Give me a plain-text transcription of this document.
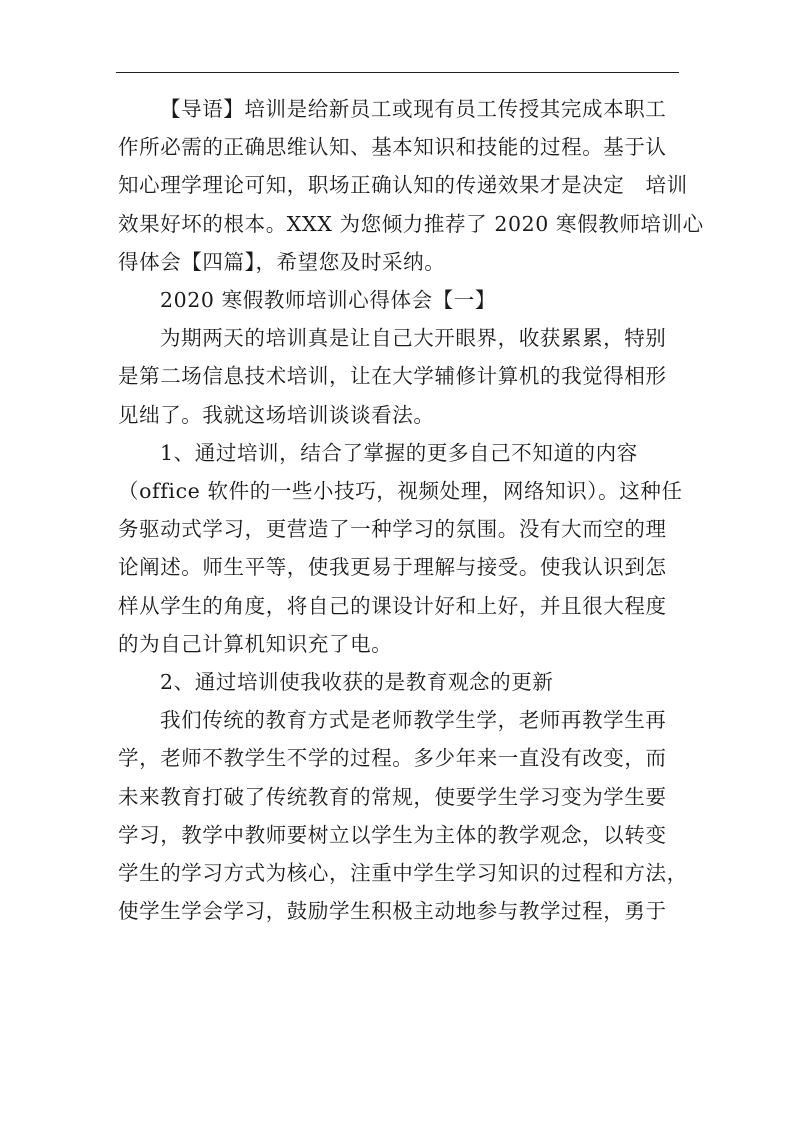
【导语】培训是给新员工或现有员工传授其完成本职工
作所必需的正确思维认知、基本知识和技能的过程。基于认
知心理学理论可知，职场正确认知的传递效果才是决定　培训
效果好坏的根本。XXX 为您倾力推荐了 2020 寒假教师培训心
得体会【四篇】，希望您及时采纳。

2020 寒假教师培训心得体会【一】

为期两天的培训真是让自己大开眼界，收获累累，特别
是第二场信息技术培训，让在大学辅修计算机的我觉得相形
见绌了。我就这场培训谈谈看法。

1、通过培训，结合了掌握的更多自己不知道的内容
（office 软件的一些小技巧，视频处理，网络知识）。这种任
务驱动式学习，更营造了一种学习的氛围。没有大而空的理
论阐述。师生平等，使我更易于理解与接受。使我认识到怎
样从学生的角度，将自己的课设计好和上好，并且很大程度
的为自己计算机知识充了电。

2、通过培训使我收获的是教育观念的更新

我们传统的教育方式是老师教学生学，老师再教学生再
学，老师不教学生不学的过程。多少年来一直没有改变，而
未来教育打破了传统教育的常规，使要学生学习变为学生要
学习，教学中教师要树立以学生为主体的教学观念，以转变
学生的学习方式为核心，注重中学生学习知识的过程和方法，
使学生学会学习，鼓励学生积极主动地参与教学过程，勇于
